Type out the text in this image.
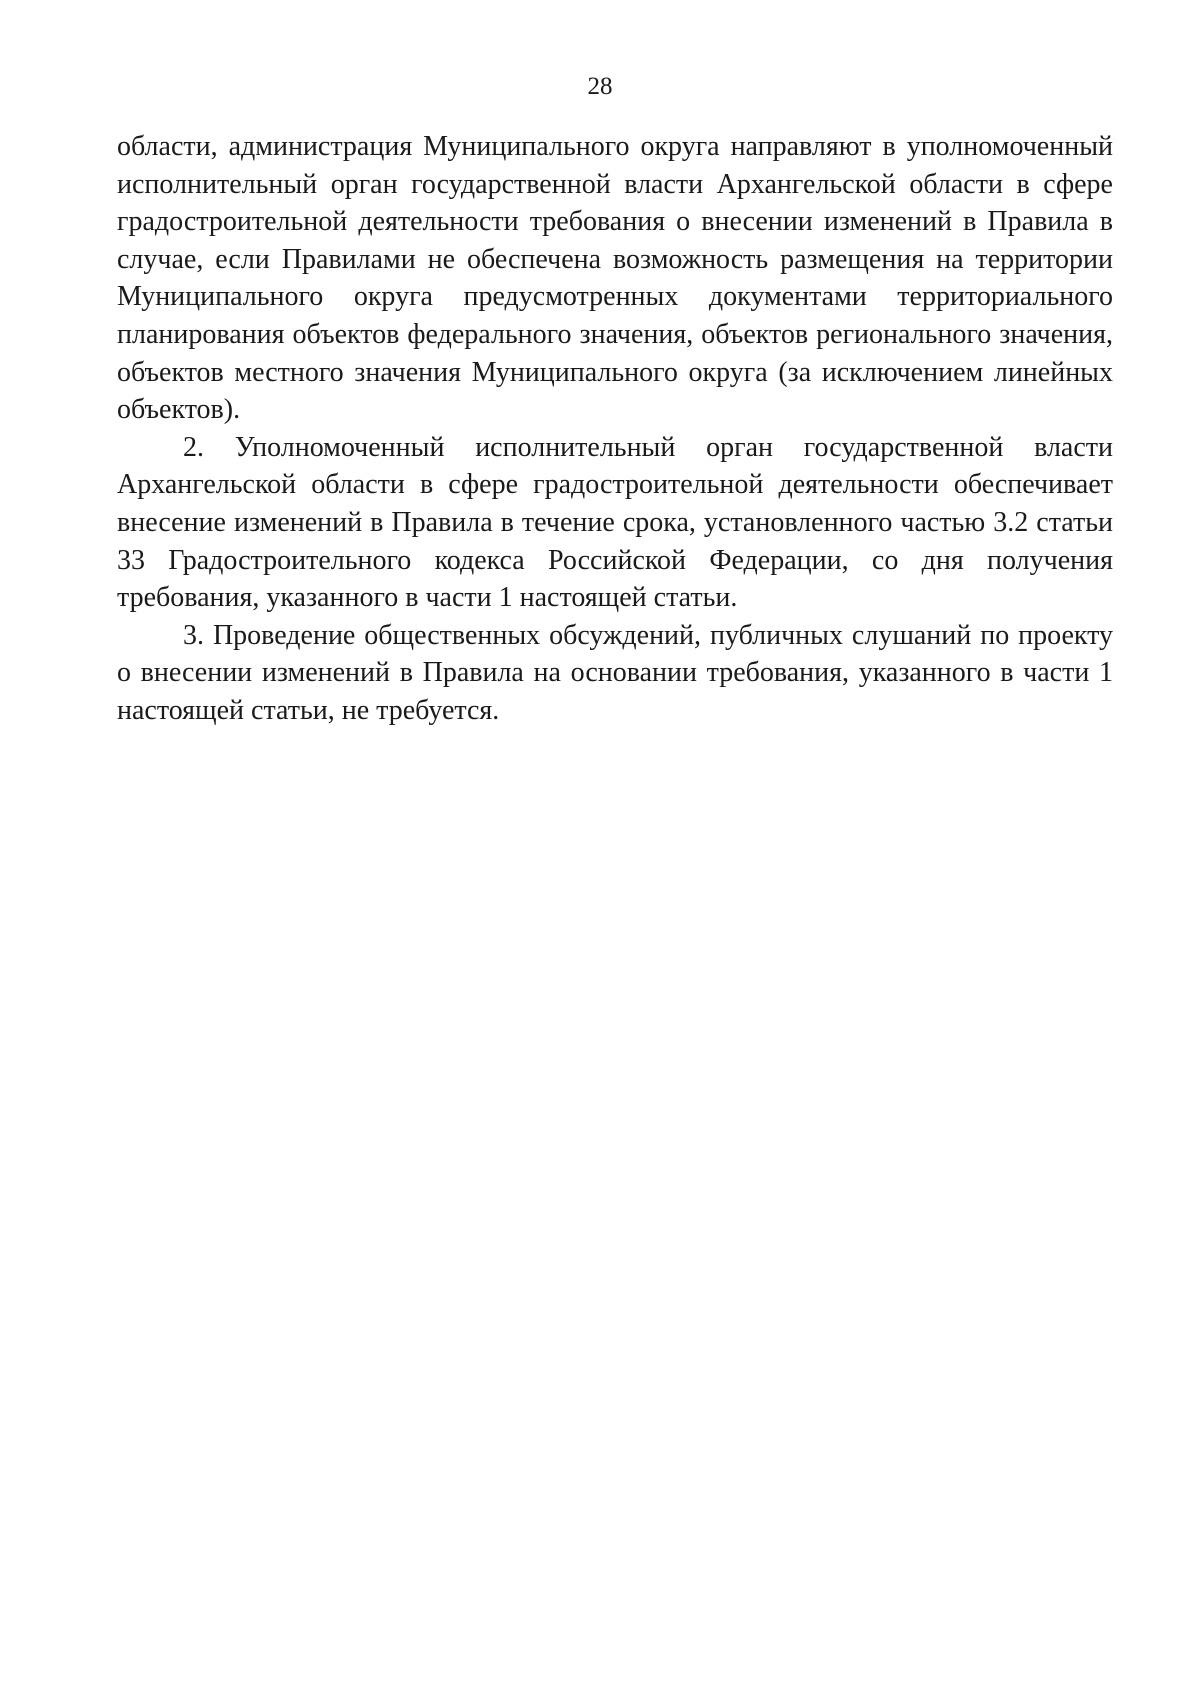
28

области, администрация Муниципального округа направляют в уполномоченный исполнительный орган государственной власти Архангельской области в сфере градостроительной деятельности требования о внесении изменений в Правила в случае, если Правилами не обеспечена возможность размещения на территории Муниципального округа предусмотренных документами территориального планирования объектов федерального значения, объектов регионального значения, объектов местного значения Муниципального округа (за исключением линейных объектов).

2. Уполномоченный исполнительный орган государственной власти Архангельской области в сфере градостроительной деятельности обеспечивает внесение изменений в Правила в течение срока, установленного частью 3.2 статьи 33 Градостроительного кодекса Российской Федерации, со дня получения требования, указанного в части 1 настоящей статьи.

3. Проведение общественных обсуждений, публичных слушаний по проекту о внесении изменений в Правила на основании требования, указанного в части 1 настоящей статьи, не требуется.
